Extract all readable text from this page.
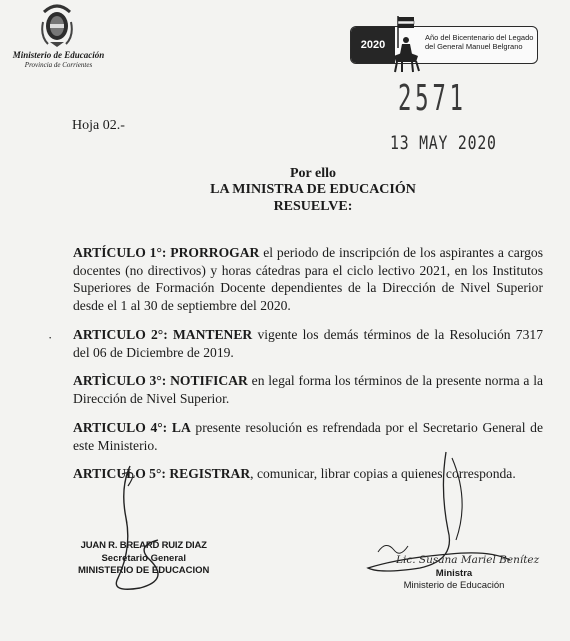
Ministerio de Educación
Provincia de Corrientes
2020
Año del Bicentenario del Legado
del General Manuel Belgrano
2571
13 MAY 2020
Hoja 02.-
Por ello
LA MINISTRA DE EDUCACIÓN
RESUELVE:
ARTÍCULO 1°: PRORROGAR el periodo de inscripción de los aspirantes a cargos docentes (no directivos) y horas cátedras para el ciclo lectivo 2021, en los Institutos Superiores de Formación Docente dependientes de la Dirección de Nivel Superior desde el 1 al 30 de septiembre del 2020.
· ARTICULO 2°: MANTENER vigente los demás términos de la Resolución 7317 del 06 de Diciembre de 2019.
ARTÌCULO 3°: NOTIFICAR en legal forma los términos de la presente norma a la Dirección de Nivel Superior.
ARTICULO 4°: LA presente resolución es refrendada por el Secretario General de este Ministerio.
ARTICULO 5°: REGISTRAR, comunicar, librar copias a quienes corresponda.
JUAN R. BREARD RUIZ DIAZ
Secretario General
MINISTERIO DE EDUCACION
Lic. Susana Mariel Benítez
Ministra
Ministerio de Educación
